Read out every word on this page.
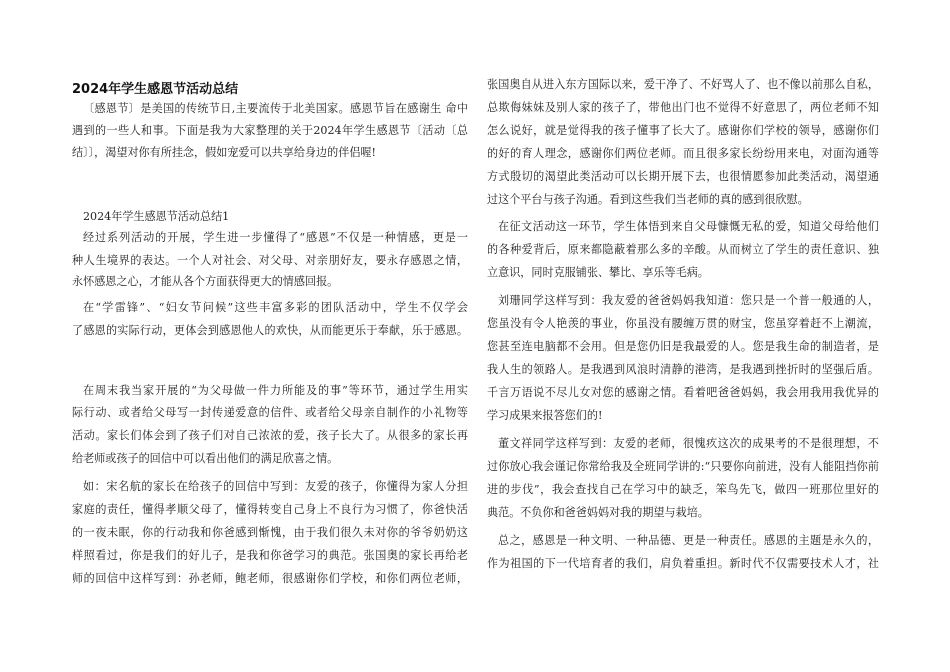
2024年学生感恩节活动总结
〔感恩节〕是美国的传统节日,主要流传于北美国家。感恩节旨在感谢生 命中
遇到的一些人和事。下面是我为大家整理的关于2024年学生感恩节〔活动〔总
结〕〕，渴望对你有所挂念，假如宠爱可以共享给身边的伴侣喔!
2024年学生感恩节活动总结1
经过系列活动的开展，学生进一步懂得了“感恩”不仅是一种情感，更是一
种人生境界的表达。一个人对社会、对父母、对亲朋好友，要永存感恩之情，
永怀感恩之心，才能从各个方面获得更大的情感回报。
在“学雷锋”、“妇女节问候”这些丰富多彩的团队活动中，学生不仅学会
了感恩的实际行动，更体会到感恩他人的欢快，从而能更乐于奉献，乐于感恩。
在周末我当家开展的“为父母做一件力所能及的事”等环节，通过学生用实
际行动、或者给父母写一封传递爱意的信件、或者给父母亲自制作的小礼物等
活动。家长们体会到了孩子们对自己浓浓的爱，孩子长大了。从很多的家长再
给老师或孩子的回信中可以看出他们的满足欣喜之情。
如：宋名航的家长在给孩子的回信中写到：友爱的孩子，你懂得为家人分担
家庭的责任，懂得孝顺父母了，懂得转变自己身上不良行为习惯了，你爸快活
的一夜未眠，你的行动我和你爸感到惭愧，由于我们很久未对你的爷爷奶奶这
样照看过，你是我们的好儿子，是我和你爸学习的典范。张国奥的家长再给老
师的回信中这样写到：孙老师，鲍老师，很感谢你们学校，和你们两位老师，
张国奥自从进入东方国际以来，爱干净了、不好骂人了、也不像以前那么自私，
总欺侮妹妹及别人家的孩子了，带他出门也不觉得不好意思了，两位老师不知
怎么说好，就是觉得我的孩子懂事了长大了。感谢你们学校的领导，感谢你们
的好的育人理念，感谢你们两位老师。而且很多家长纷纷用来电，对面沟通等
方式殷切的渴望此类活动可以长期开展下去，也很情愿参加此类活动，渴望通
过这个平台与孩子沟通。看到这些我们当老师的真的感到很欣慰。
在征文活动这一环节，学生体悟到来自父母慷慨无私的爱，知道父母给他们
的各种爱背后，原来都隐蔽着那么多的辛酸。从而树立了学生的责任意识、独
立意识，同时克服铺张、攀比、享乐等毛病。
刘珊同学这样写到：我友爱的爸爸妈妈我知道：您只是一个普一般通的人，
您虽没有令人艳羡的事业，你虽没有腰缠万贯的财宝，您虽穿着赶不上潮流，
您甚至连电脑都不会用。但是您仍旧是我最爱的人。您是我生命的制造者，是
我人生的领路人。是我遇到风浪时清静的港湾，是我遇到挫折时的坚强后盾。
千言万语说不尽儿女对您的感谢之情。看着吧爸爸妈妈，我会用我用我优异的
学习成果来报答您们的!
董文祥同学这样写到：友爱的老师，很愧疚这次的成果考的不是很理想，不
过你放心我会谨记你常给我及全班同学讲的:“只要你向前进，没有人能阻挡你前
进的步伐”，我会查找自己在学习中的缺乏，笨鸟先飞，做四一班那位里好的
典范。不负你和爸爸妈妈对我的期望与栽培。
总之，感恩是一种文明、一种品德、更是一种责任。感恩的主题是永久的，
作为祖国的下一代培育者的我们，肩负着重担。新时代不仅需要技术人才，社
